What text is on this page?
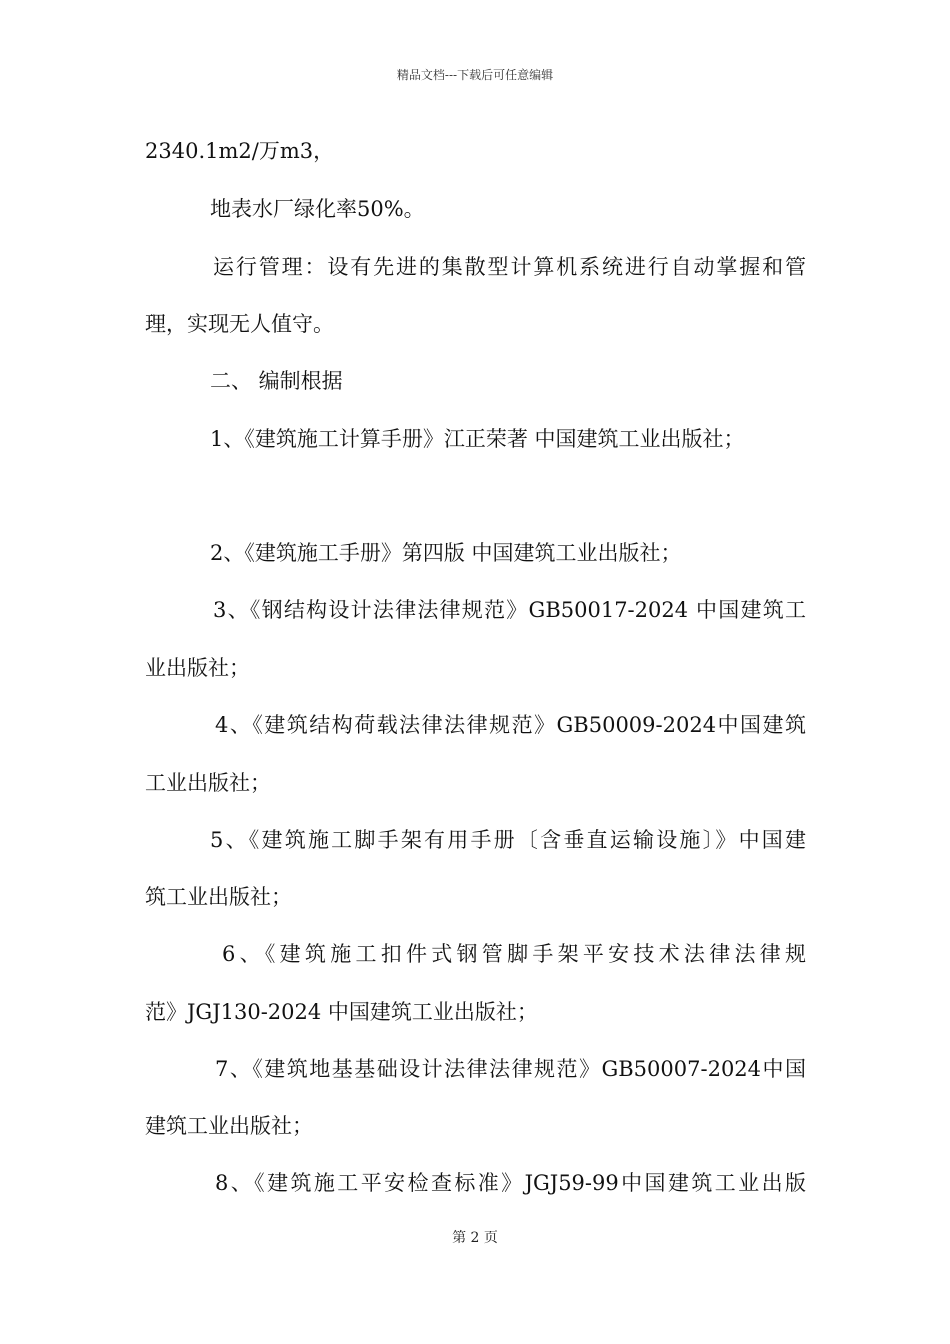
精品文档---下载后可任意编辑
2340.1m2/万m3，
地表水厂绿化率50%。
运行管理：设有先进的集散型计算机系统进行自动掌握和管
理，实现无人值守。
二、 编制根据
1、《建筑施工计算手册》江正荣著 中国建筑工业出版社；
2、《建筑施工手册》第四版 中国建筑工业出版社；
3、《钢结构设计法律法律规范》GB50017-2024 中国建筑工
业出版社；
4、《建筑结构荷载法律法律规范》GB50009-2024中国建筑
工业出版社；
5、《建筑施工脚手架有用手册〔含垂直运输设施〕》中国建
筑工业出版社；
6、《建筑施工扣件式钢管脚手架平安技术法律法律规
范》JGJ130-2024 中国建筑工业出版社；
7、《建筑地基基础设计法律法律规范》GB50007-2024中国
建筑工业出版社；
8、《建筑施工平安检查标准》JGJ59-99中国建筑工业出版
第 2 页
